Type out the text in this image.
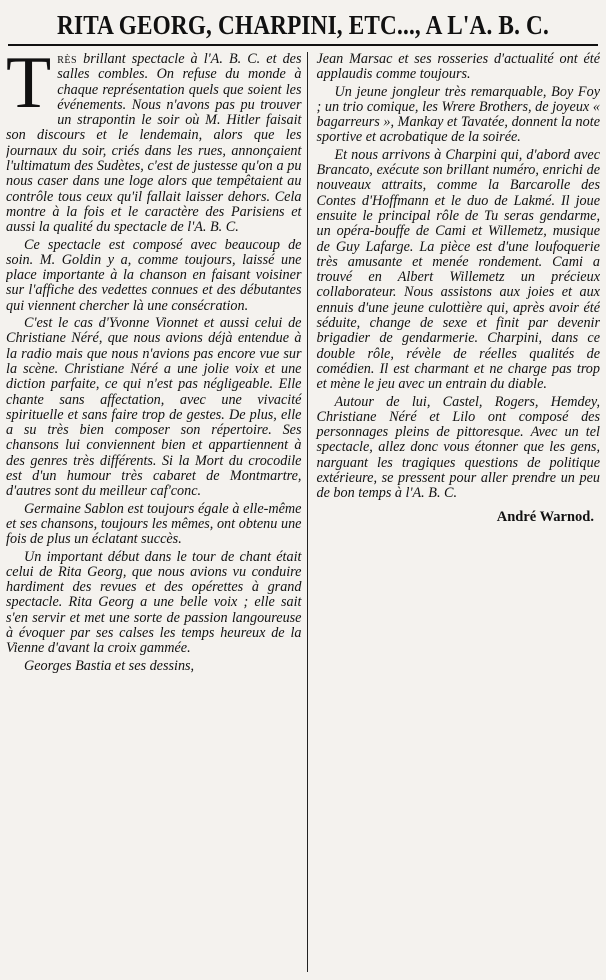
RITA GEORG, CHARPINI, ETC..., A L'A. B. C.

Très brillant spectacle à l'A. B. C. et des salles combles. On refuse du monde à chaque représentation quels que soient les événements. Nous n'avons pas pu trouver un strapontin le soir où M. Hitler faisait son discours et le lendemain, alors que les journaux du soir, criés dans les rues, annonçaient l'ultimatum des Sudètes, c'est de justesse qu'on a pu nous caser dans une loge alors que tempêtaient au contrôle tous ceux qu'il fallait laisser dehors. Cela montre à la fois et le caractère des Parisiens et aussi la qualité du spectacle de l'A. B. C.

Ce spectacle est composé avec beaucoup de soin. M. Goldin y a, comme toujours, laissé une place importante à la chanson en faisant voisiner sur l'affiche des vedettes connues et des débutantes qui viennent chercher là une consécration.

C'est le cas d'Yvonne Vionnet et aussi celui de Christiane Néré, que nous avions déjà entendue à la radio mais que nous n'avions pas encore vue sur la scène. Christiane Néré a une jolie voix et une diction parfaite, ce qui n'est pas négligeable. Elle chante sans affectation, avec une vivacité spirituelle et sans faire trop de gestes. De plus, elle a su très bien composer son répertoire. Ses chansons lui conviennent bien et appartiennent à des genres très différents. Si la Mort du crocodile est d'un humour très cabaret de Montmartre, d'autres sont du meilleur caf'conc.

Germaine Sablon est toujours égale à elle-même et ses chansons, toujours les mêmes, ont obtenu une fois de plus un éclatant succès.

Un important début dans le tour de chant était celui de Rita Georg, que nous avions vu conduire hardiment des revues et des opérettes à grand spectacle. Rita Georg a une belle voix ; elle sait s'en servir et met une sorte de passion langoureuse à évoquer par ses calses les temps heureux de la Vienne d'avant la croix gammée.

Georges Bastia et ses dessins,

Jean Marsac et ses rosseries d'actualité ont été applaudis comme toujours.

Un jeune jongleur très remarquable, Boy Foy ; un trio comique, les Wrere Brothers, de joyeux « bagarreurs », Mankay et Tavatée, donnent la note sportive et acrobatique de la soirée.

Et nous arrivons à Charpini qui, d'abord avec Brancato, exécute son brillant numéro, enrichi de nouveaux attraits, comme la Barcarolle des Contes d'Hoffmann et le duo de Lakmé. Il joue ensuite le principal rôle de Tu seras gendarme, un opéra-bouffe de Cami et Willemetz, musique de Guy Lafarge. La pièce est d'une loufoquerie très amusante et menée rondement. Cami a trouvé en Albert Willemetz un précieux collaborateur. Nous assistons aux joies et aux ennuis d'une jeune culottière qui, après avoir été séduite, change de sexe et finit par devenir brigadier de gendarmerie. Charpini, dans ce double rôle, révèle de réelles qualités de comédien. Il est charmant et ne charge pas trop et mène le jeu avec un entrain du diable.

Autour de lui, Castel, Rogers, Hemdey, Christiane Néré et Lilo ont composé des personnages pleins de pittoresque. Avec un tel spectacle, allez donc vous étonner que les gens, narguant les tragiques questions de politique extérieure, se pressent pour aller prendre un peu de bon temps à l'A. B. C.

André Warnod.
